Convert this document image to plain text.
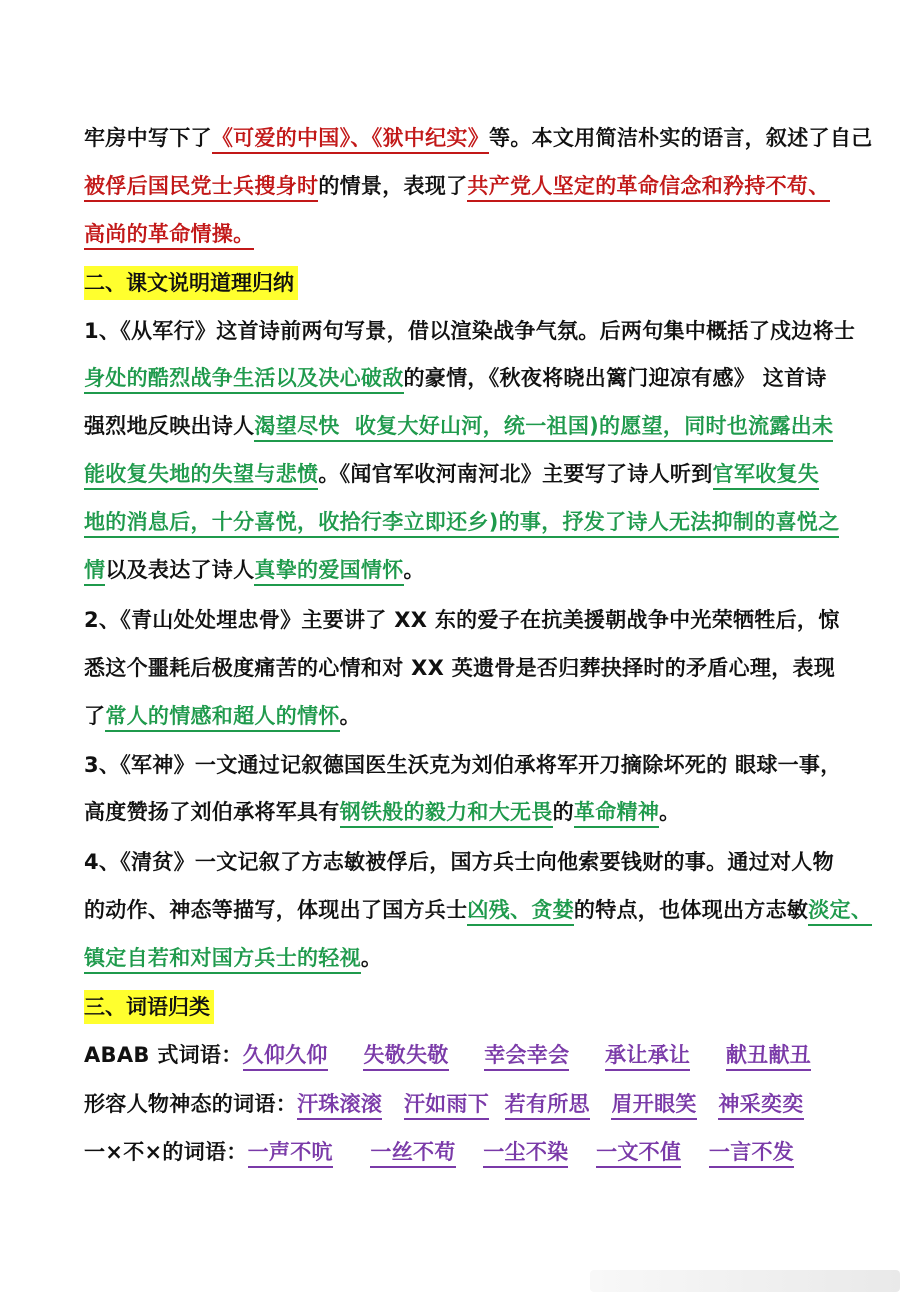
牢房中写下了《可爱的中国》、《狱中纪实》等。本文用简洁朴实的语言，叙述了自己
被俘后国民党士兵搜身时的情景，表现了共产党人坚定的革命信念和矜持不苟、
高尚的革命情操。
二、课文说明道理归纳
1、《从军行》这首诗前两句写景，借以渲染战争气氛。后两句集中概括了戍边将士
身处的酷烈战争生活以及决心破敌的豪情，《秋夜将晓出篱门迎凉有感》 这首诗
强烈地反映出诗人渴望尽快  收复大好山河，统一祖国)的愿望，同时也流露出未
能收复失地的失望与悲愤。《闻官军收河南河北》主要写了诗人听到官军收复失
地的消息后，十分喜悦，收拾行李立即还乡)的事，抒发了诗人无法抑制的喜悦之
情以及表达了诗人真挚的爱国情怀。
2、《青山处处埋忠骨》主要讲了 XX 东的爱子在抗美援朝战争中光荣牺牲后，惊
悉这个噩耗后极度痛苦的心情和对 XX 英遗骨是否归葬抉择时的矛盾心理，表现
了常人的情感和超人的情怀。
3、《军神》一文通过记叙德国医生沃克为刘伯承将军开刀摘除坏死的 眼球一事，
高度赞扬了刘伯承将军具有钢铁般的毅力和大无畏的革命精神。
4、《清贫》一文记叙了方志敏被俘后，国方兵士向他索要钱财的事。通过对人物
的动作、神态等描写，体现出了国方兵士凶残、贪婪的特点，也体现出方志敏淡定、
镇定自若和对国方兵士的轻视。
三、词语归类
ABAB 式词语：久仰久仰 失敬失敬 幸会幸会 承让承让 献丑献丑
形容人物神态的词语：汗珠滚滚 汗如雨下 若有所思 眉开眼笑 神采奕奕
一×不×的词语：一声不吭 一丝不苟 一尘不染 一文不值 一言不发
